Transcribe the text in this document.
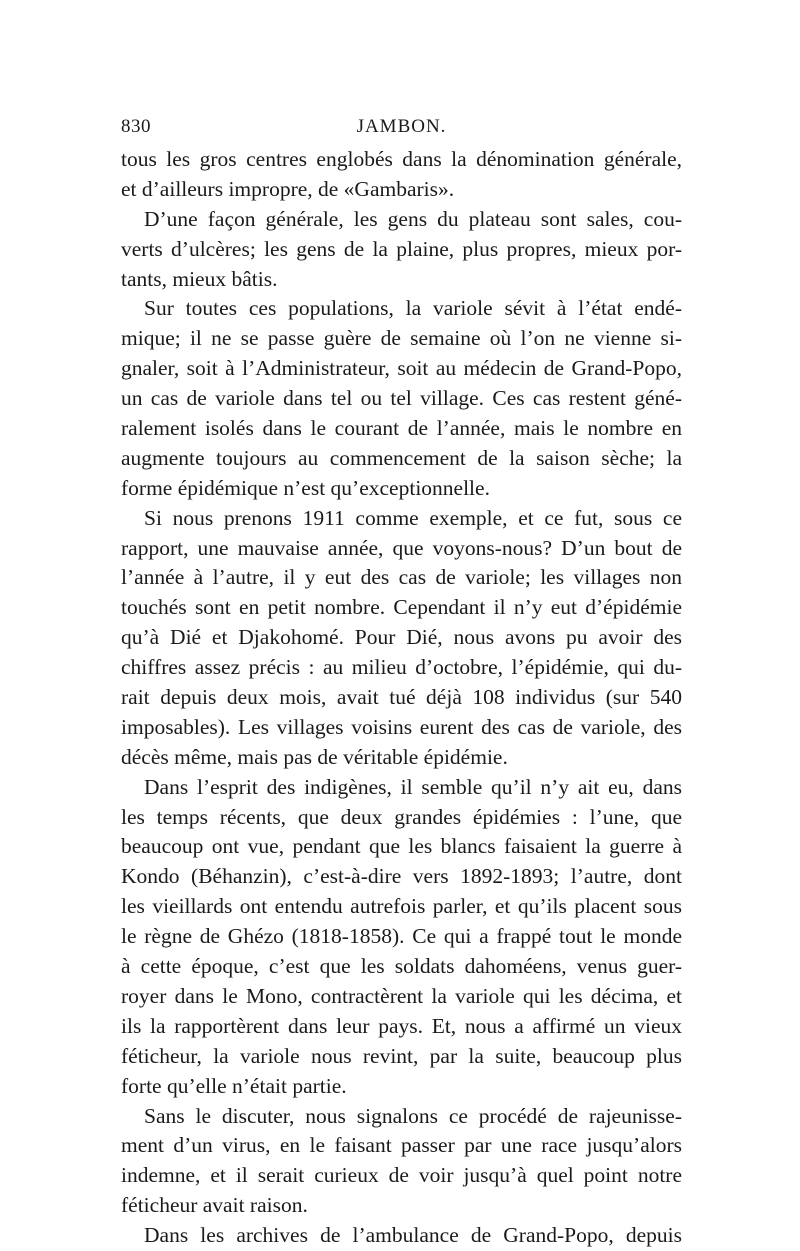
830	JAMBON.
tous les gros centres englobés dans la dénomination générale,
et d’ailleurs impropre, de «Gambaris».
D’une façon générale, les gens du plateau sont sales, cou-
verts d’ulcères; les gens de la plaine, plus propres, mieux por-
tants, mieux bâtis.
Sur toutes ces populations, la variole sévit à l’état endé-
mique; il ne se passe guère de semaine où l’on ne vienne si-
gnaler, soit à l’Administrateur, soit au médecin de Grand-Popo,
un cas de variole dans tel ou tel village. Ces cas restent géné-
ralement isolés dans le courant de l’année, mais le nombre en
augmente toujours au commencement de la saison sèche; la
forme épidémique n’est qu’exceptionnelle.
Si nous prenons 1911 comme exemple, et ce fut, sous ce
rapport, une mauvaise année, que voyons-nous? D’un bout de
l’année à l’autre, il y eut des cas de variole; les villages non
touchés sont en petit nombre. Cependant il n’y eut d’épidémie
qu’à Dié et Djakohomé. Pour Dié, nous avons pu avoir des
chiffres assez précis : au milieu d’octobre, l’épidémie, qui du-
rait depuis deux mois, avait tué déjà 108 individus (sur 540
imposables). Les villages voisins eurent des cas de variole, des
décès même, mais pas de véritable épidémie.
Dans l’esprit des indigènes, il semble qu’il n’y ait eu, dans
les temps récents, que deux grandes épidémies : l’une, que
beaucoup ont vue, pendant que les blancs faisaient la guerre à
Kondo (Béhanzin), c’est-à-dire vers 1892-1893; l’autre, dont
les vieillards ont entendu autrefois parler, et qu’ils placent sous
le règne de Ghézo (1818-1858). Ce qui a frappé tout le monde
à cette époque, c’est que les soldats dahoméens, venus guer-
royer dans le Mono, contractèrent la variole qui les décima, et
ils la rapportèrent dans leur pays. Et, nous a affirmé un vieux
féticheur, la variole nous revint, par la suite, beaucoup plus
forte qu’elle n’était partie.
Sans le discuter, nous signalons ce procédé de rajeunisse-
ment d’un virus, en le faisant passer par une race jusqu’alors
indemne, et il serait curieux de voir jusqu’à quel point notre
féticheur avait raison.
Dans les archives de l’ambulance de Grand-Popo, depuis
